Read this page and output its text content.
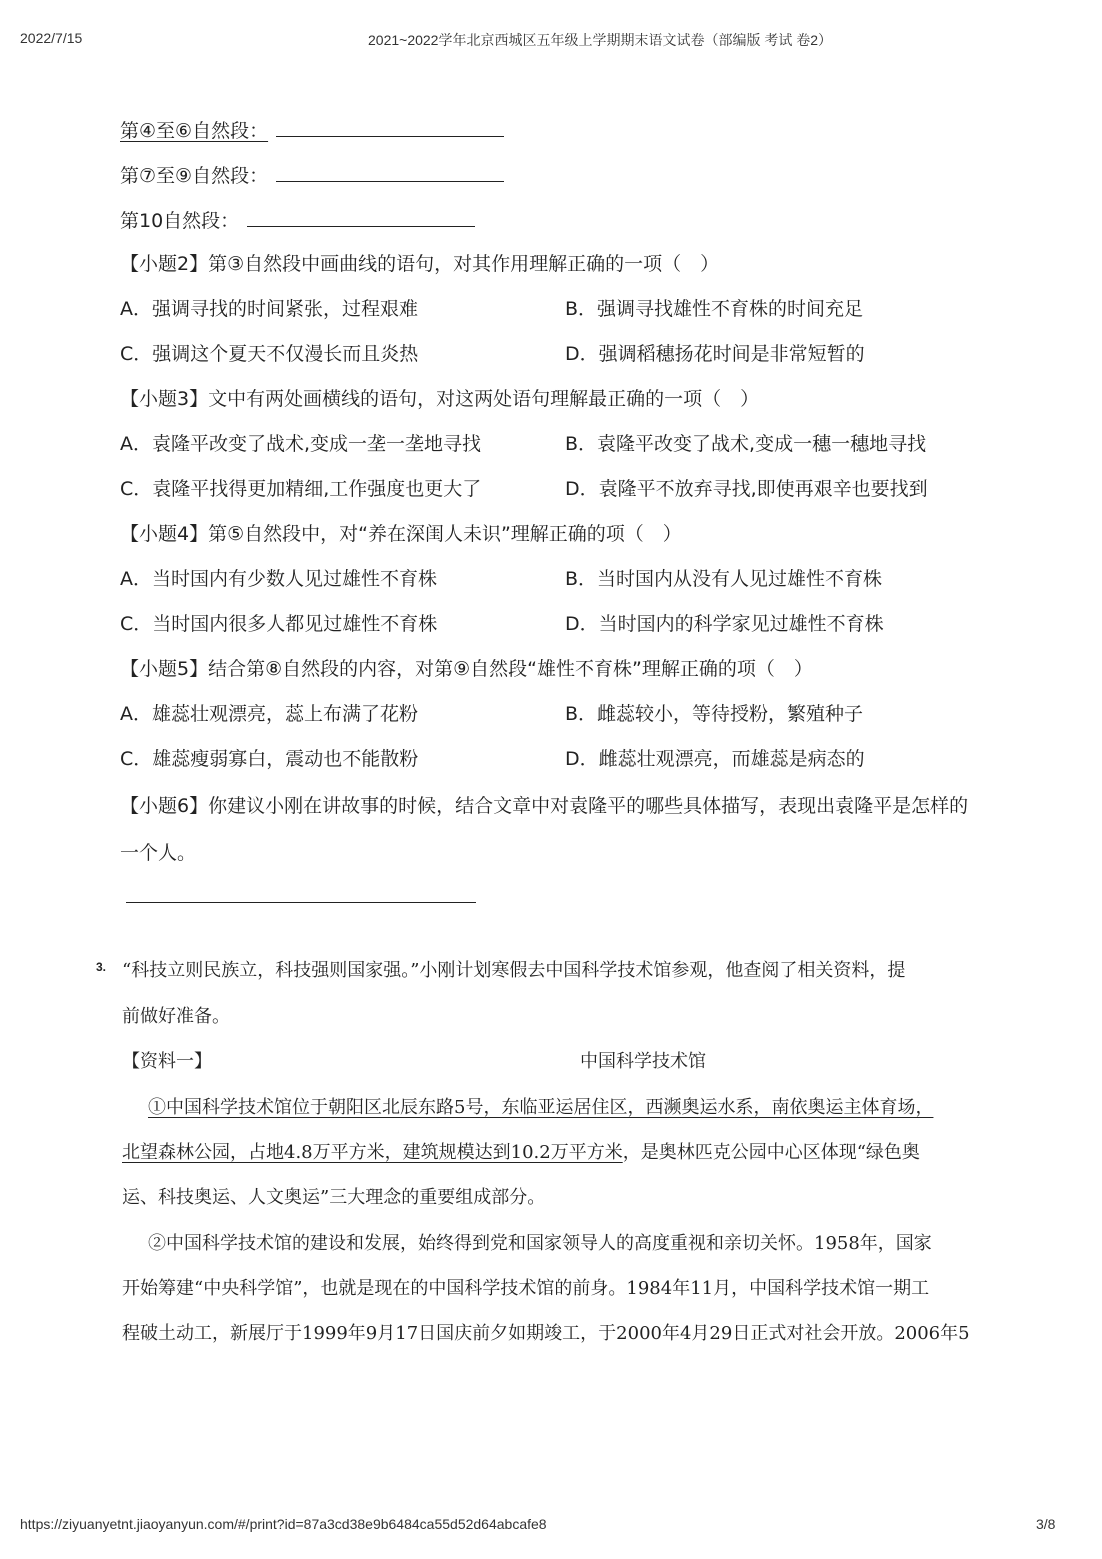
2022/7/15	2021~2022学年北京西城区五年级上学期期末语文试卷（部编版 考试 卷2）
第④至⑥自然段：
第⑦至⑨自然段：
第10自然段：
【小题2】第③自然段中画曲线的语句，对其作用理解正确的一项（　）
A．强调寻找的时间紧张，过程艰难	B．强调寻找雄性不育株的时间充足
C．强调这个夏天不仅漫长而且炎热	D．强调稻穗扬花时间是非常短暂的
【小题3】文中有两处画横线的语句，对这两处语句理解最正确的一项（　）
A．袁隆平改变了战术,变成一垄一垄地寻找	B．袁隆平改变了战术,变成一穗一穗地寻找
C．袁隆平找得更加精细,工作强度也更大了	D．袁隆平不放弃寻找,即使再艰辛也要找到
【小题4】第⑤自然段中，对“养在深闺人未识”理解正确的项（　）
A．当时国内有少数人见过雄性不育株	B．当时国内从没有人见过雄性不育株
C．当时国内很多人都见过雄性不育株	D．当时国内的科学家见过雄性不育株
【小题5】结合第⑧自然段的内容，对第⑨自然段“雄性不育株”理解正确的项（　）
A．雄蕊壮观漂亮，蕊上布满了花粉	B．雌蕊较小，等待授粉，繁殖种子
C．雄蕊瘦弱寡白，震动也不能散粉	D．雌蕊壮观漂亮，而雄蕊是病态的
【小题6】你建议小刚在讲故事的时候，结合文章中对袁隆平的哪些具体描写，表现出袁隆平是怎样的
一个人。
3. “科技立则民族立，科技强则国家强。”小刚计划寒假去中国科学技术馆参观，他查阅了相关资料，提
前做好准备。
【资料一】	中国科学技术馆
①中国科学技术馆位于朝阳区北辰东路5号，东临亚运居住区，西濒奥运水系，南依奥运主体育场，
北望森林公园，占地4.8万平方米，建筑规模达到10.2万平方米，是奥林匹克公园中心区体现“绿色奥
运、科技奥运、人文奥运”三大理念的重要组成部分。
②中国科学技术馆的建设和发展，始终得到党和国家领导人的高度重视和亲切关怀。1958年，国家
开始筹建“中央科学馆”，也就是现在的中国科学技术馆的前身。1984年11月，中国科学技术馆一期工
程破土动工，新展厅于1999年9月17日国庆前夕如期竣工，于2000年4月29日正式对社会开放。2006年5
https://ziyuanyetnt.jiaoyanyun.com/#/print?id=87a3cd38e9b6484ca55d52d64abcafe8	3/8
